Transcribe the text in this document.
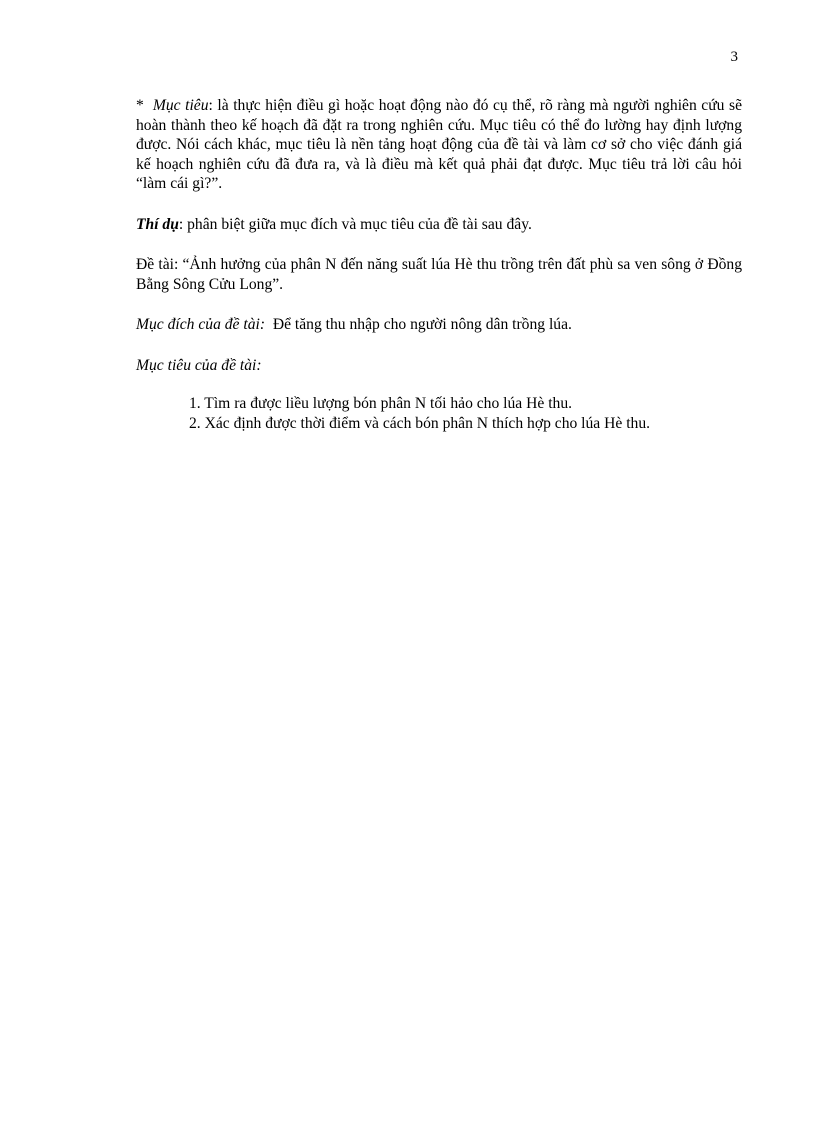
3

* Mục tiêu: là thực hiện điều gì hoặc hoạt động nào đó cụ thể, rõ ràng mà người nghiên cứu sẽ hoàn thành theo kế hoạch đã đặt ra trong nghiên cứu. Mục tiêu có thể đo lường hay định lượng được. Nói cách khác, mục tiêu là nền tảng hoạt động của đề tài và làm cơ sở cho việc đánh giá kế hoạch nghiên cứu đã đưa ra, và là điều mà kết quả phải đạt được. Mục tiêu trả lời câu hỏi “làm cái gì?”.

Thí dụ: phân biệt giữa mục đích và mục tiêu của đề tài sau đây.

Đề tài: “Ảnh hưởng của phân N đến năng suất lúa Hè thu trồng trên đất phù sa ven sông ở Đồng Bằng Sông Cửu Long”.

Mục đích của đề tài: Để tăng thu nhập cho người nông dân trồng lúa.

Mục tiêu của đề tài:

1. Tìm ra được liều lượng bón phân N tối hảo cho lúa Hè thu.
2. Xác định được thời điểm và cách bón phân N thích hợp cho lúa Hè thu.
